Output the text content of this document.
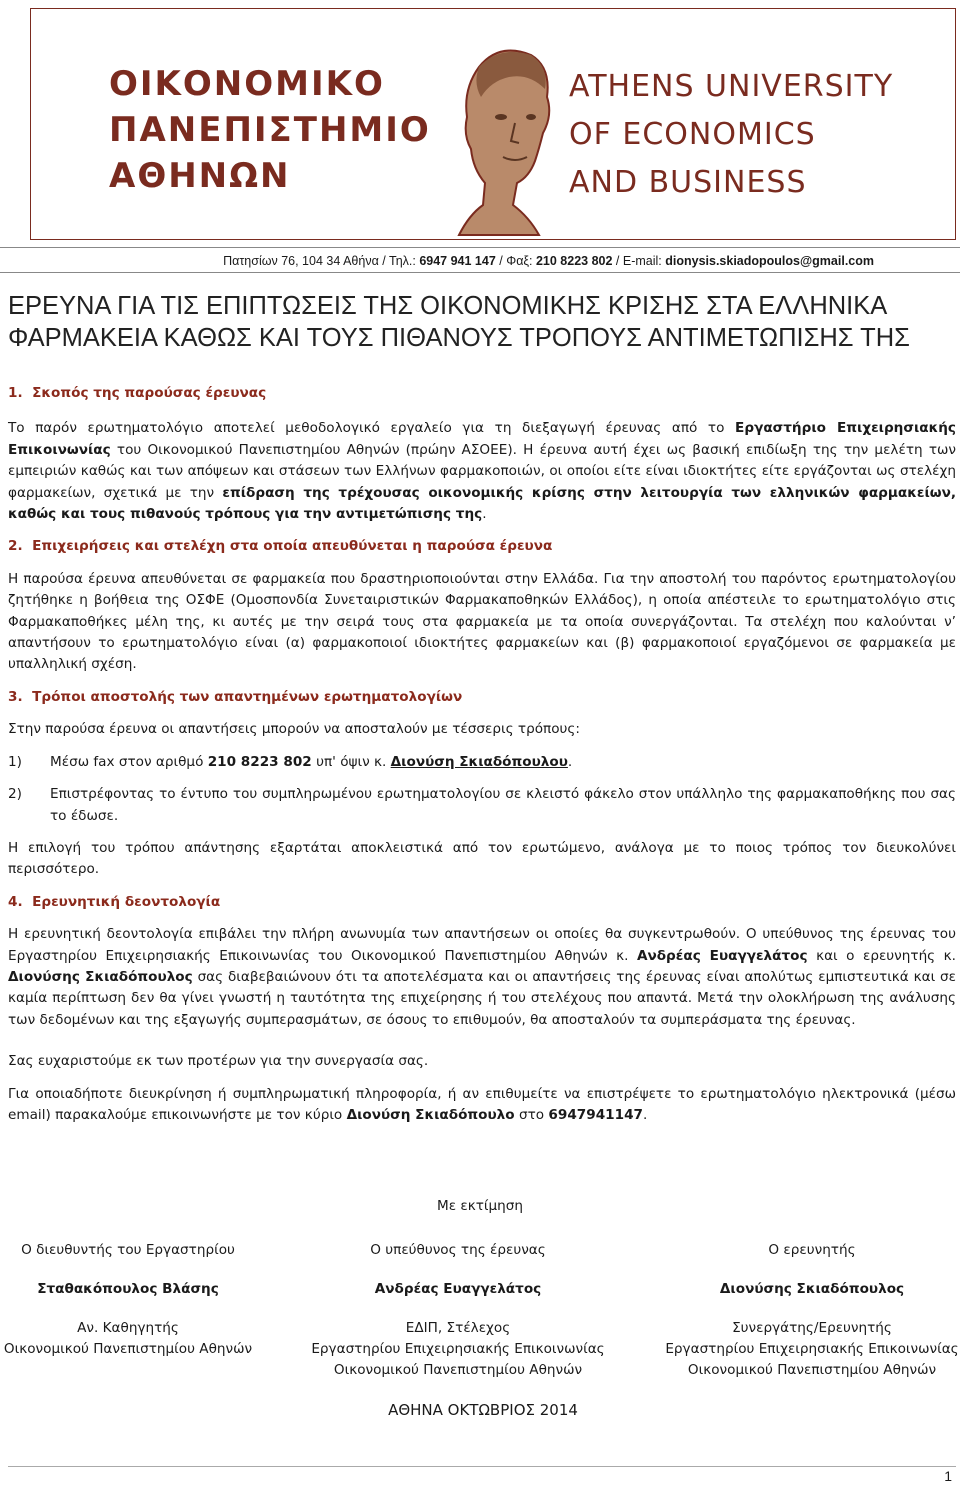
ΟΙΚΟΝΟΜΙΚΟ
ΠΑΝΕΠΙΣΤΗΜΙΟ
ΑΘΗΝΩΝ
ATHENS UNIVERSITY
OF ECONOMICS
AND BUSINESS
Πατησίων 76, 104 34 Αθήνα / Τηλ.: 6947 941 147 / Φαξ: 210 8223 802 / E-mail: dionysis.skiadopoulos@gmail.com
ΕΡΕΥΝΑ ΓΙΑ ΤΙΣ ΕΠΙΠΤΩΣΕΙΣ ΤΗΣ ΟΙΚΟΝΟΜΙΚΗΣ ΚΡΙΣΗΣ ΣΤΑ ΕΛΛΗΝΙΚΑ
ΦΑΡΜΑΚΕΙΑ ΚΑΘΩΣ ΚΑΙ ΤΟΥΣ ΠΙΘΑΝΟΥΣ ΤΡΟΠΟΥΣ ΑΝΤΙΜΕΤΩΠΙΣΗΣ ΤΗΣ

1. Σκοπός της παρούσας έρευνας

Το παρόν ερωτηματολόγιο αποτελεί μεθοδολογικό εργαλείο για τη διεξαγωγή έρευνας από το Εργαστήριο Επιχειρησιακής Επικοινωνίας του Οικονομικού Πανεπιστημίου Αθηνών (πρώην ΑΣΟΕΕ). Η έρευνα αυτή έχει ως βασική επιδίωξη της την μελέτη των εμπειριών καθώς και των απόψεων και στάσεων των Ελλήνων φαρμακοποιών, οι οποίοι είτε είναι ιδιοκτήτες είτε εργάζονται ως στελέχη φαρμακείων, σχετικά με την επίδραση της τρέχουσας οικονομικής κρίσης στην λειτουργία των ελληνικών φαρμακείων, καθώς και τους πιθανούς τρόπους για την αντιμετώπισης της.

2. Επιχειρήσεις και στελέχη στα οποία απευθύνεται η παρούσα έρευνα

Η παρούσα έρευνα απευθύνεται σε φαρμακεία που δραστηριοποιούνται στην Ελλάδα. Για την αποστολή του παρόντος ερωτηματολογίου ζητήθηκε η βοήθεια της ΟΣΦΕ (Ομοσπονδία Συνεταιριστικών Φαρμακαποθηκών Ελλάδος), η οποία απέστειλε το ερωτηματολόγιο στις Φαρμακαποθήκες μέλη της, κι αυτές με την σειρά τους στα φαρμακεία με τα οποία συνεργάζονται. Τα στελέχη που καλούνται ν’ απαντήσουν το ερωτηματολόγιο είναι (α) φαρμακοποιοί ιδιοκτήτες φαρμακείων και (β) φαρμακοποιοί εργαζόμενοι σε φαρμακεία με υπαλληλική σχέση.

3. Τρόποι αποστολής των απαντημένων ερωτηματολογίων

Στην παρούσα έρευνα οι απαντήσεις μπορούν να αποσταλούν με τέσσερις τρόπους:

1)	Μέσω fax στον αριθμό 210 8223 802 υπ' όψιν κ. Διονύση Σκιαδόπουλου.
2)	Επιστρέφοντας το έντυπο του συμπληρωμένου ερωτηματολογίου σε κλειστό φάκελο στον υπάλληλο της φαρμακαποθήκης που σας το έδωσε.

Η επιλογή του τρόπου απάντησης εξαρτάται αποκλειστικά από τον ερωτώμενο, ανάλογα με το ποιος τρόπος τον διευκολύνει περισσότερο.

4. Ερευνητική δεοντολογία

Η ερευνητική δεοντολογία επιβάλει την πλήρη ανωνυμία των απαντήσεων οι οποίες θα συγκεντρωθούν. Ο υπεύθυνος της έρευνας του Εργαστηρίου Επιχειρησιακής Επικοινωνίας του Οικονομικού Πανεπιστημίου Αθηνών κ. Ανδρέας Ευαγγελάτος και ο ερευνητής κ. Διονύσης Σκιαδόπουλος σας διαβεβαιώνουν ότι τα αποτελέσματα και οι απαντήσεις της έρευνας είναι απολύτως εμπιστευτικά και σε καμία περίπτωση δεν θα γίνει γνωστή η ταυτότητα της επιχείρησης ή του στελέχους που απαντά. Μετά την ολοκλήρωση της ανάλυσης των δεδομένων και της εξαγωγής συμπερασμάτων, σε όσους το επιθυμούν, θα αποσταλούν τα συμπεράσματα της έρευνας.

Σας ευχαριστούμε εκ των προτέρων για την συνεργασία σας.

Για οποιαδήποτε διευκρίνηση ή συμπληρωματική πληροφορία, ή αν επιθυμείτε να επιστρέψετε το ερωτηματολόγιο ηλεκτρονικά (μέσω email) παρακαλούμε επικοινωνήστε με τον κύριο Διονύση Σκιαδόπουλο στο 6947941147.

Με εκτίμηση
Ο διευθυντής του Εργαστηρίου
Σταθακόπουλος Βλάσης
Αν. Καθηγητής
Οικονομικού Πανεπιστημίου Αθηνών
Ο υπεύθυνος της έρευνας
Ανδρέας Ευαγγελάτος
ΕΔΙΠ, Στέλεχος
Εργαστηρίου Επιχειρησιακής Επικοινωνίας
Οικονομικού Πανεπιστημίου Αθηνών
Ο ερευνητής
Διονύσης Σκιαδόπουλος
Συνεργάτης/Ερευνητής
Εργαστηρίου Επιχειρησιακής Επικοινωνίας
Οικονομικού Πανεπιστημίου Αθηνών
ΑΘΗΝΑ ΟΚΤΩΒΡΙΟΣ 2014
1
